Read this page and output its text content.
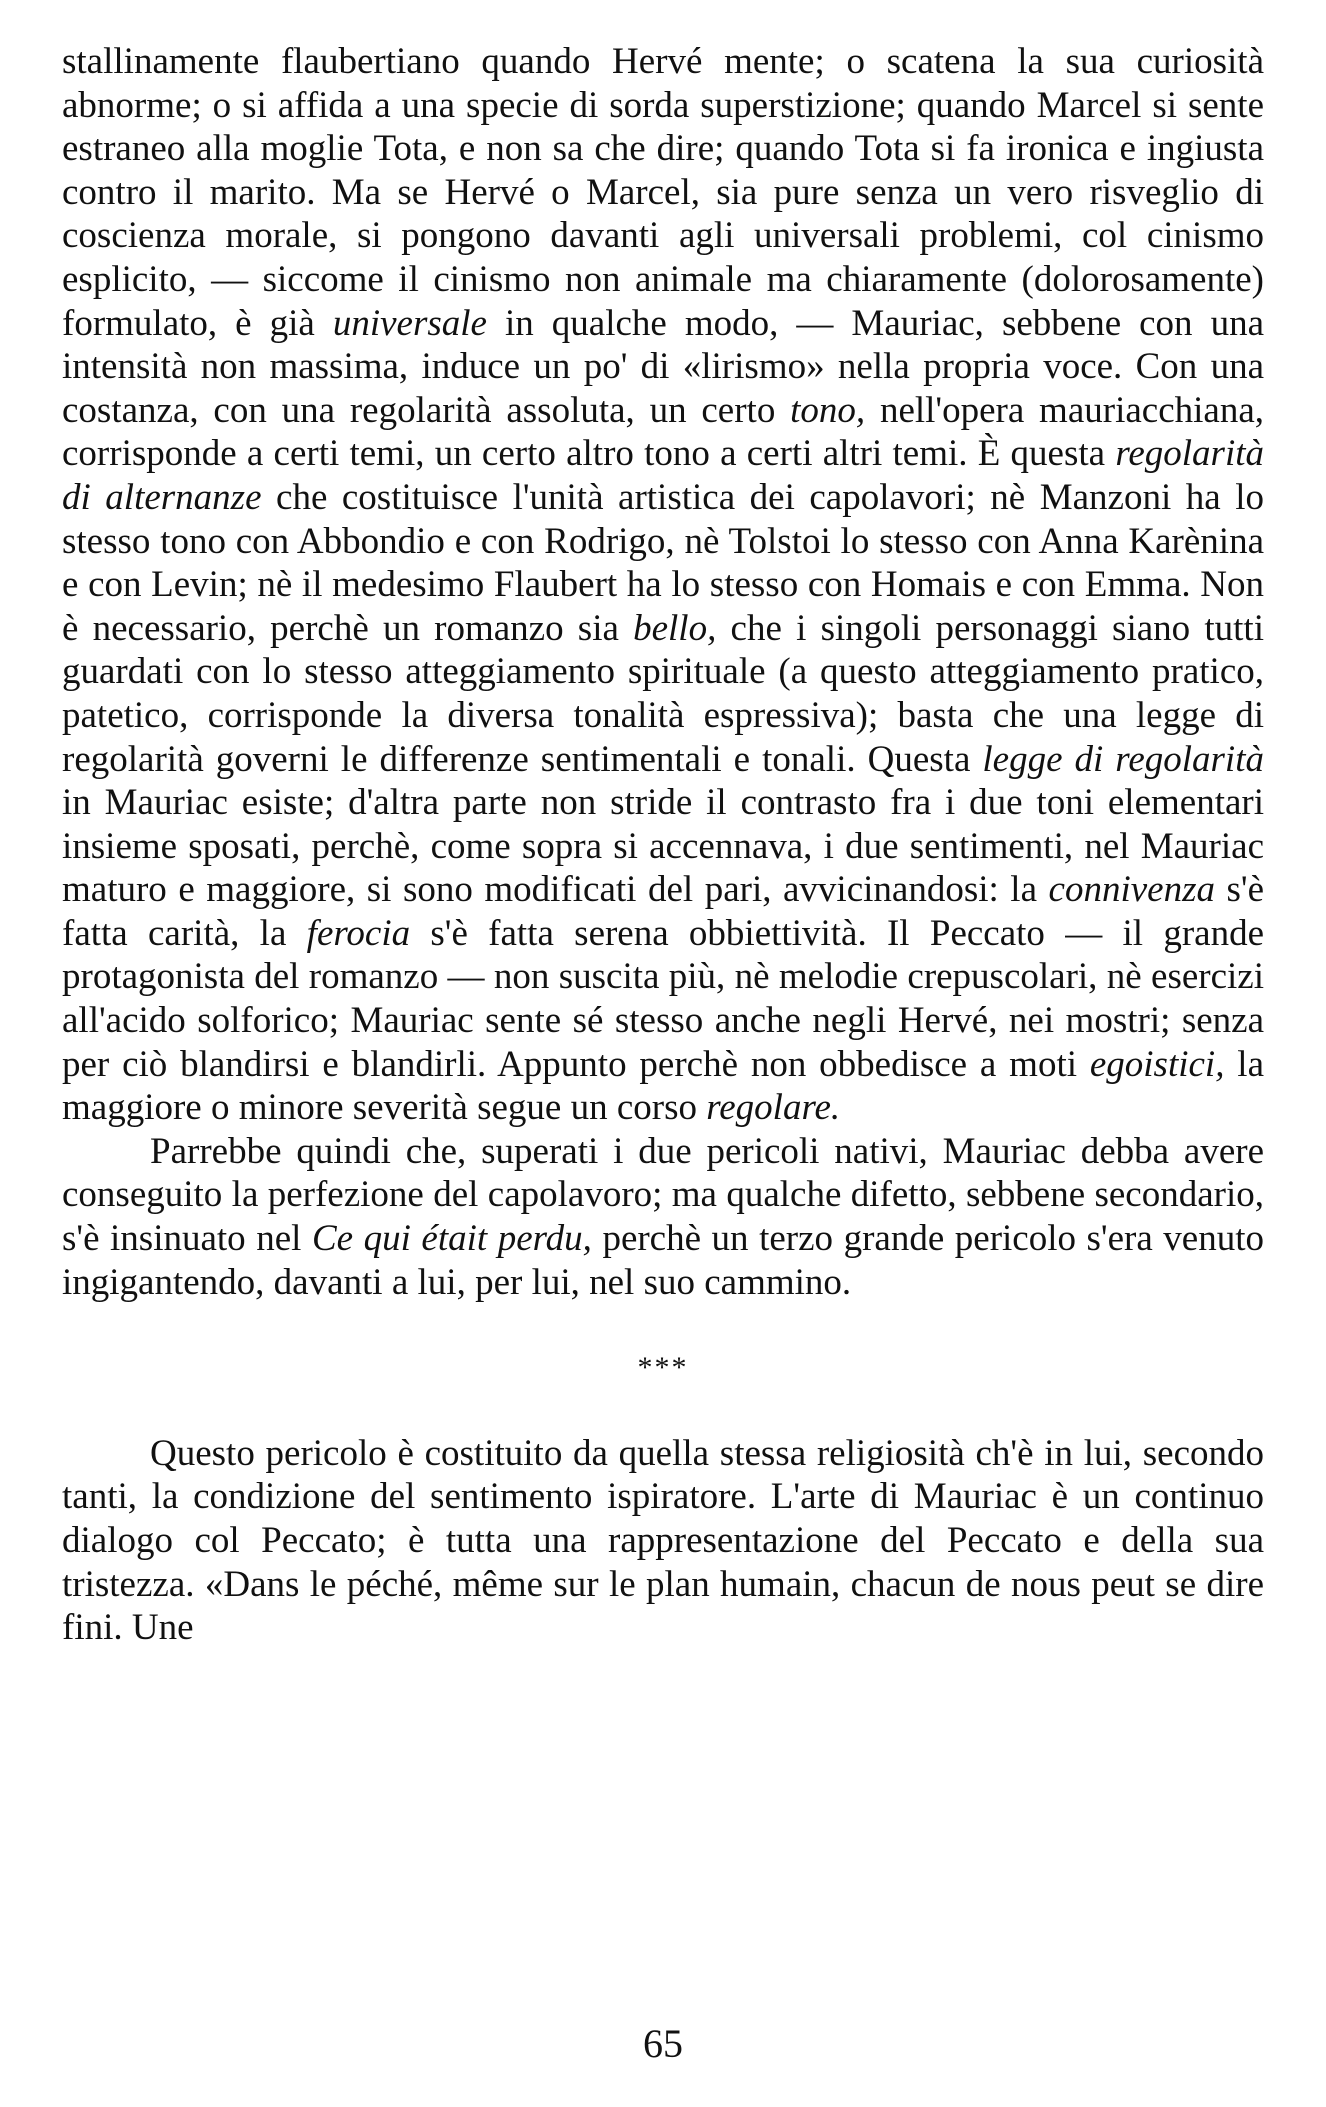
stallinamente flaubertiano quando Hervé mente; o scatena la sua curiosità abnorme; o si affida a una specie di sorda superstizione; quando Marcel si sente estraneo alla moglie Tota, e non sa che dire; quando Tota si fa ironica e ingiusta contro il marito. Ma se Hervé o Marcel, sia pure senza un vero risveglio di coscienza morale, si pongono davanti agli universali problemi, col cinismo esplicito, — siccome il cinismo non animale ma chiaramente (dolorosamente) formulato, è già universale in qualche modo, — Mauriac, sebbene con una intensità non massima, induce un po' di «lirismo» nella propria voce. Con una costanza, con una regolarità assoluta, un certo tono, nell'opera mauriacchiana, corrisponde a certi temi, un certo altro tono a certi altri temi. È questa regolarità di alternanze che costituisce l'unità artistica dei capolavori; nè Manzoni ha lo stesso tono con Abbondio e con Rodrigo, nè Tolstoi lo stesso con Anna Karènina e con Levin; nè il medesimo Flaubert ha lo stesso con Homais e con Emma. Non è necessario, perchè un romanzo sia bello, che i singoli personaggi siano tutti guardati con lo stesso atteggiamento spirituale (a questo atteggiamento pratico, patetico, corrisponde la diversa tonalità espressiva); basta che una legge di regolarità governi le differenze sentimentali e tonali. Questa legge di regolarità in Mauriac esiste; d'altra parte non stride il contrasto fra i due toni elementari insieme sposati, perchè, come sopra si accennava, i due sentimenti, nel Mauriac maturo e maggiore, si sono modificati del pari, avvicinandosi: la connivenza s'è fatta carità, la ferocia s'è fatta serena obbiettività. Il Peccato — il grande protagonista del romanzo — non suscita più, nè melodie crepuscolari, nè esercizi all'acido solforico; Mauriac sente sé stesso anche negli Hervé, nei mostri; senza per ciò blandirsi e blandirli. Appunto perchè non obbedisce a moti egoistici, la maggiore o minore severità segue un corso regolare.

Parrebbe quindi che, superati i due pericoli nativi, Mauriac debba avere conseguito la perfezione del capolavoro; ma qualche difetto, sebbene secondario, s'è insinuato nel Ce qui était perdu, perchè un terzo grande pericolo s'era venuto ingigantendo, davanti a lui, per lui, nel suo cammino.

***

Questo pericolo è costituito da quella stessa religiosità ch'è in lui, secondo tanti, la condizione del sentimento ispiratore. L'arte di Mauriac è un continuo dialogo col Peccato; è tutta una rappresentazione del Peccato e della sua tristezza. «Dans le péché, même sur le plan humain, chacun de nous peut se dire fini. Une

65
